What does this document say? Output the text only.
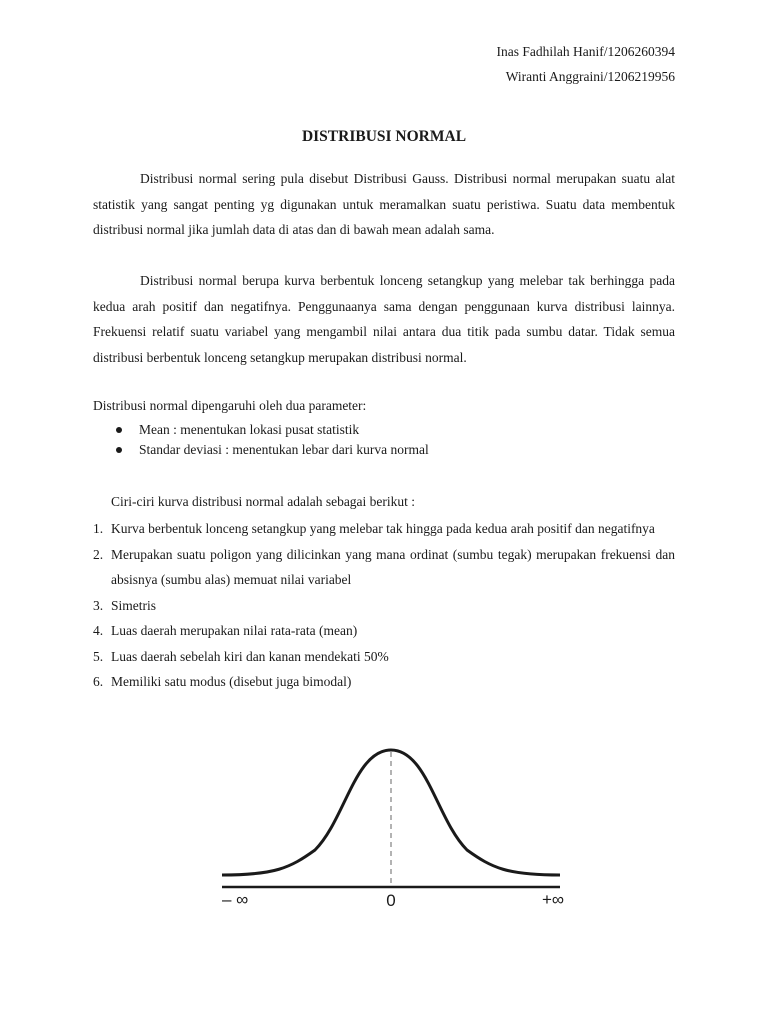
Inas Fadhilah Hanif/1206260394
Wiranti Anggraini/1206219956
DISTRIBUSI NORMAL

Distribusi normal sering pula disebut Distribusi Gauss. Distribusi normal merupakan suatu alat statistik yang sangat penting yg digunakan untuk meramalkan suatu peristiwa. Suatu data membentuk distribusi normal jika jumlah data di atas dan di bawah mean adalah sama.

Distribusi normal berupa kurva berbentuk lonceng setangkup yang melebar tak berhingga pada kedua arah positif dan negatifnya. Penggunaanya sama dengan penggunaan kurva distribusi lainnya. Frekuensi relatif suatu variabel yang mengambil nilai antara dua titik pada sumbu datar. Tidak semua distribusi berbentuk lonceng setangkup merupakan distribusi normal.

Distribusi normal dipengaruhi oleh dua parameter:

Mean : menentukan lokasi pusat statistik
Standar deviasi : menentukan lebar dari kurva normal

Ciri-ciri kurva distribusi normal adalah sebagai berikut :

1. Kurva berbentuk lonceng setangkup yang melebar tak hingga pada kedua arah positif dan negatifnya
2. Merupakan suatu poligon yang dilicinkan yang mana ordinat (sumbu tegak) merupakan frekuensi dan absisnya (sumbu alas) memuat nilai variabel
3. Simetris
4. Luas daerah merupakan nilai rata-rata (mean)
5. Luas daerah sebelah kiri dan kanan mendekati 50%
6. Memiliki satu modus (disebut juga bimodal)
– ∞	0	+∞
